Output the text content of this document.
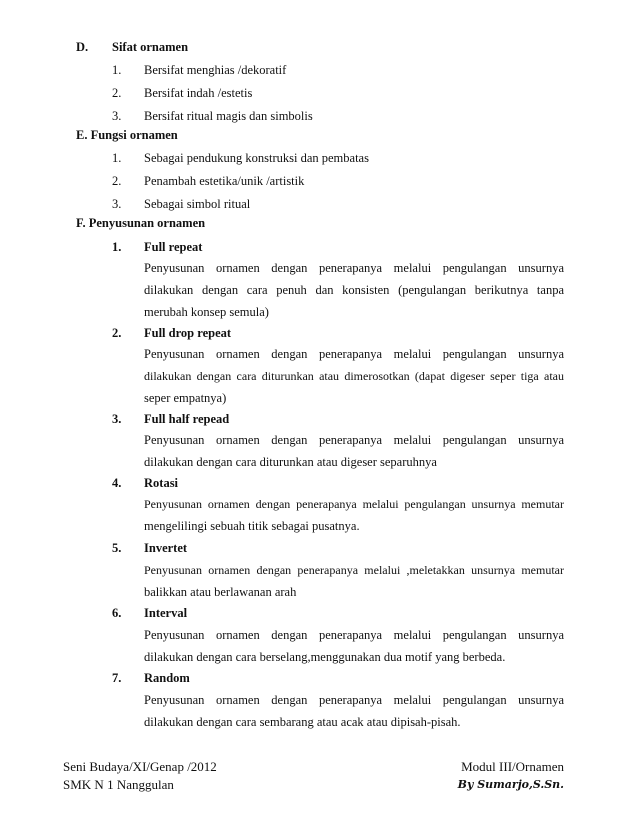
D. Sifat ornamen
1. Bersifat menghias /dekoratif
2. Bersifat indah /estetis
3. Bersifat ritual magis dan simbolis
E. Fungsi ornamen
1. Sebagai pendukung konstruksi dan pembatas
2. Penambah estetika/unik /artistik
3. Sebagai simbol ritual
F. Penyusunan ornamen
1. Full repeat
Penyusunan ornamen dengan penerapanya melalui pengulangan unsurnya
dilakukan dengan cara penuh dan konsisten (pengulangan berikutnya tanpa
merubah konsep semula)
2. Full drop repeat
Penyusunan ornamen dengan penerapanya melalui pengulangan unsurnya
dilakukan dengan cara diturunkan atau dimerosotkan (dapat digeser seper tiga atau
seper empatnya)
3. Full half repead
Penyusunan ornamen dengan penerapanya melalui pengulangan unsurnya
dilakukan dengan cara diturunkan atau digeser separuhnya
4. Rotasi
Penyusunan ornamen dengan penerapanya melalui pengulangan unsurnya memutar
mengelilingi sebuah titik sebagai pusatnya.
5. Invertet
Penyusunan ornamen dengan penerapanya melalui ,meletakkan unsurnya memutar
balikkan atau berlawanan arah
6. Interval
Penyusunan ornamen dengan penerapanya melalui pengulangan unsurnya
dilakukan dengan cara berselang,menggunakan dua motif yang berbeda.
7. Random
Penyusunan ornamen dengan penerapanya melalui pengulangan unsurnya
dilakukan dengan cara sembarang atau acak atau dipisah-pisah.
Seni Budaya/XI/Genap /2012
SMK N 1 Nanggulan
Modul III/Ornamen
By Sumarjo,S.Sn.
